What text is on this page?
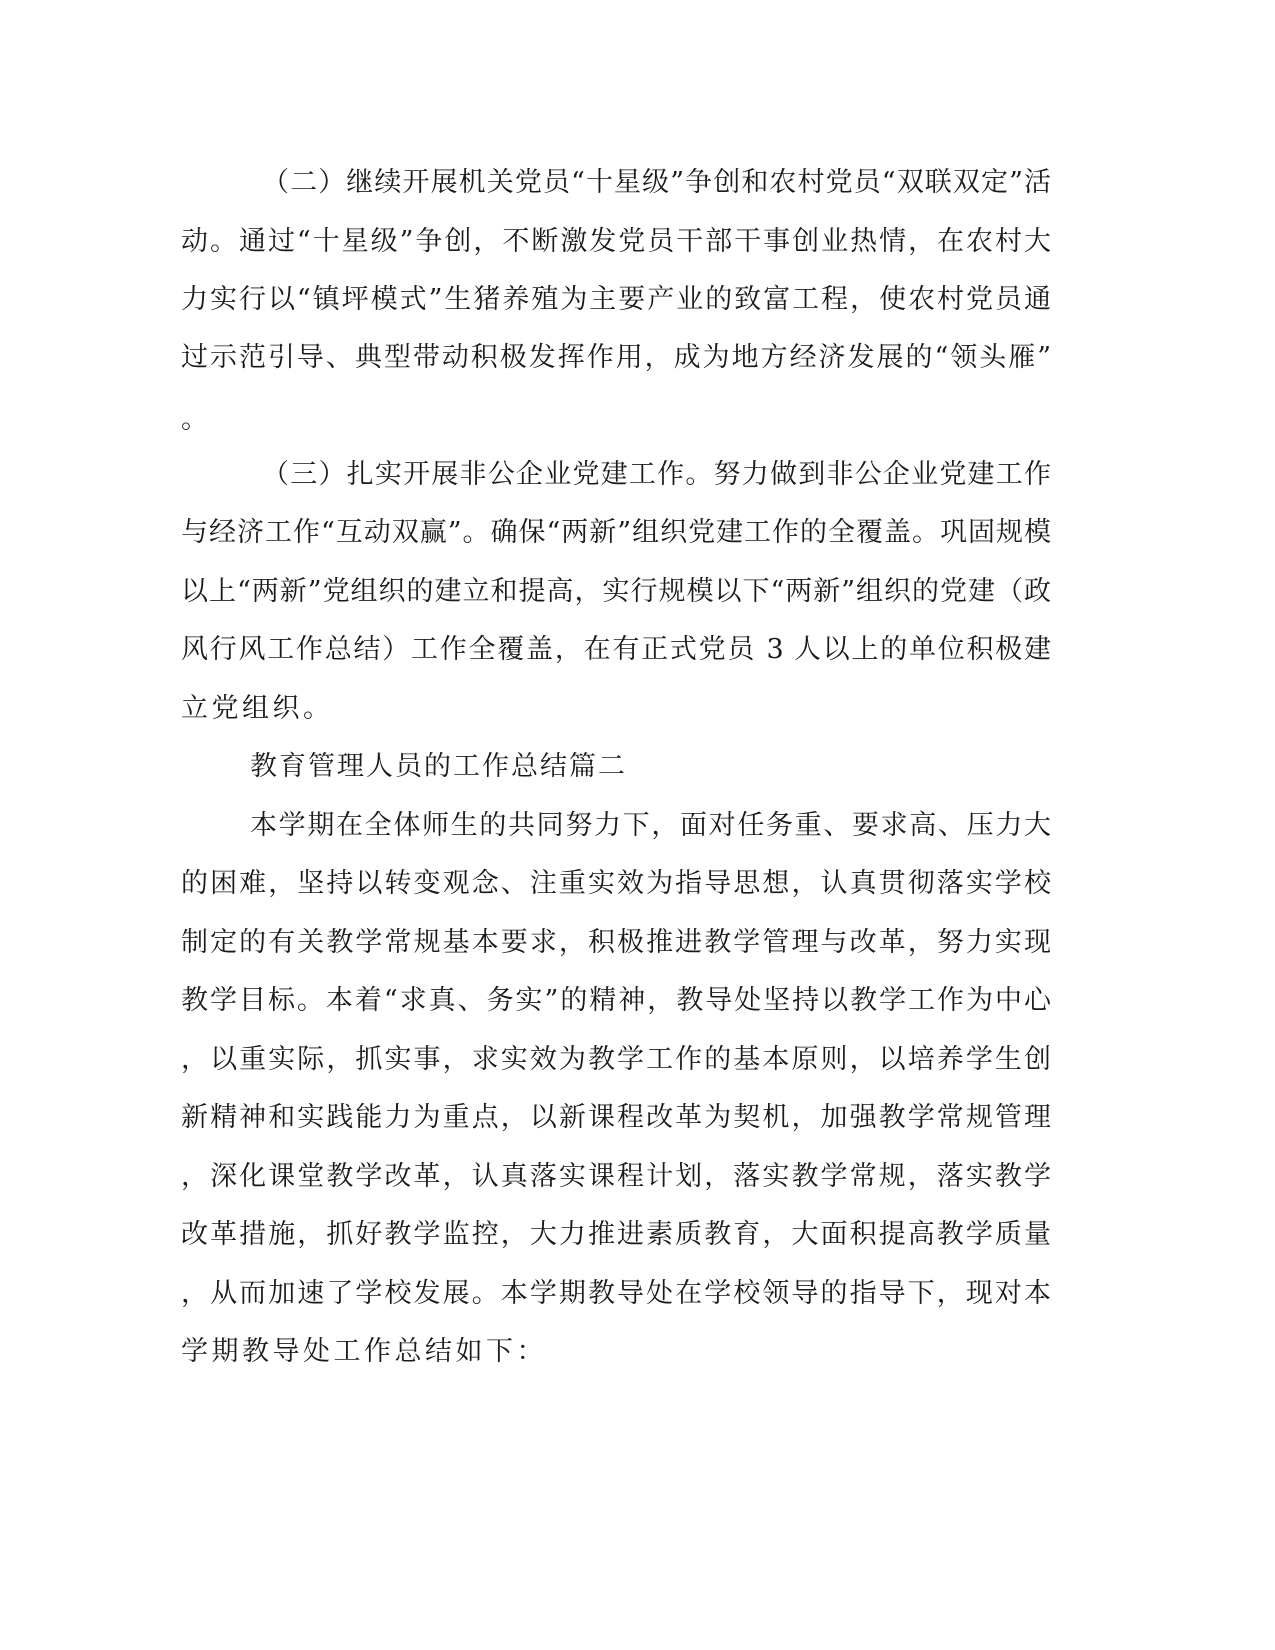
（二）继续开展机关党员“十星级”争创和农村党员“双联双定”活
动。通过“十星级”争创，不断激发党员干部干事创业热情，在农村大
力实行以“镇坪模式”生猪养殖为主要产业的致富工程，使农村党员通
过示范引导、典型带动积极发挥作用，成为地方经济发展的“领头雁”
。
（三）扎实开展非公企业党建工作。努力做到非公企业党建工作
与经济工作“互动双赢”。确保“两新”组织党建工作的全覆盖。巩固规模
以上“两新”党组织的建立和提高，实行规模以下“两新”组织的党建（政
风行风工作总结）工作全覆盖，在有正式党员 3 人以上的单位积极建
立党组织。
教育管理人员的工作总结篇二
本学期在全体师生的共同努力下，面对任务重、要求高、压力大
的困难，坚持以转变观念、注重实效为指导思想，认真贯彻落实学校
制定的有关教学常规基本要求，积极推进教学管理与改革，努力实现
教学目标。本着“求真、务实”的精神，教导处坚持以教学工作为中心
，以重实际，抓实事，求实效为教学工作的基本原则，以培养学生创
新精神和实践能力为重点，以新课程改革为契机，加强教学常规管理
，深化课堂教学改革，认真落实课程计划，落实教学常规，落实教学
改革措施，抓好教学监控，大力推进素质教育，大面积提高教学质量
，从而加速了学校发展。本学期教导处在学校领导的指导下，现对本
学期教导处工作总结如下：
